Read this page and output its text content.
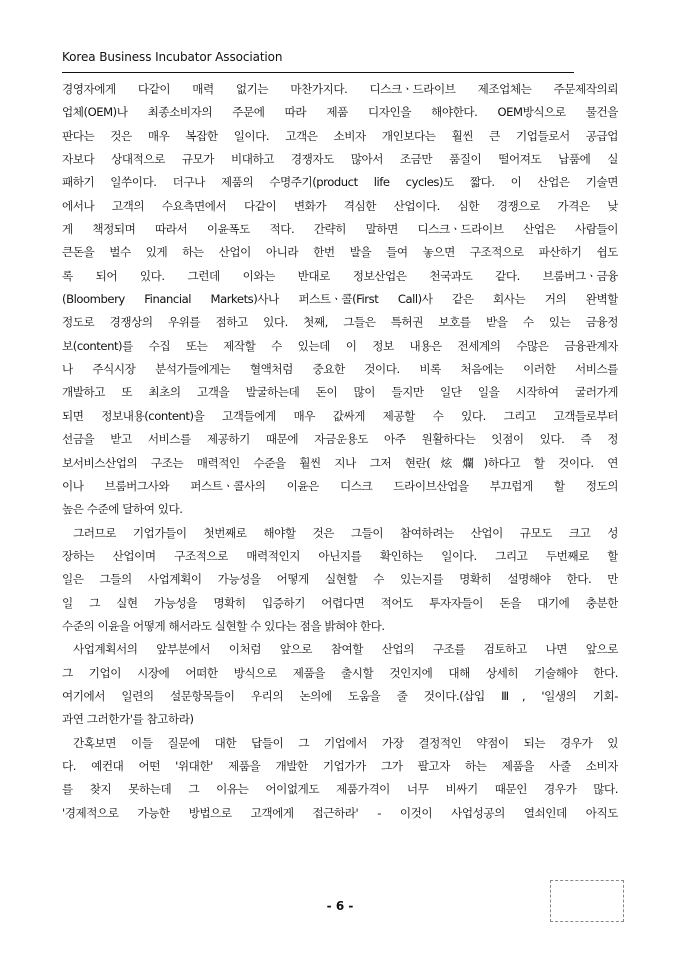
Korea Business Incubator Association
경영자에게 다같이 매력 없기는 마찬가지다. 디스크ㆍ드라이브 제조업체는 주문제작의뢰
업체(OEM)나 최종소비자의 주문에 따라 제품 디자인을 해야한다. OEM방식으로 물건을
판다는 것은 매우 복잡한 일이다. 고객은 소비자 개인보다는 훨씬 큰 기업들로서 공급업
자보다 상대적으로 규모가 비대하고 경쟁자도 많아서 조금만 품질이 떨어져도 납품에 실
패하기 일쑤이다. 더구나 제품의 수명주기(product life cycles)도 짧다. 이 산업은 기술면
에서나 고객의 수요측면에서 다같이 변화가 격심한 산업이다. 심한 경쟁으로 가격은 낮
게 책정되며 따라서 이윤폭도 적다. 간략히 말하면 디스크ㆍ드라이브 산업은 사람들이
큰돈을 벌수 있게 하는 산업이 아니라 한번 발을 들여 놓으면 구조적으로 파산하기 쉽도
록 되어 있다. 그런데 이와는 반대로 정보산업은 천국과도 같다. 브룸버그ㆍ금융
(Bloombery Financial Markets)사나 퍼스트ㆍ콜(First Call)사 같은 회사는 거의 완벽할
정도로 경쟁상의 우위를 점하고 있다. 첫째, 그들은 특허권 보호를 받을 수 있는 금융정
보(content)를 수집 또는 제작할 수 있는데 이 정보 내용은 전세계의 수많은 금융관계자
나 주식시장 분석가들에게는 혈액처럼 중요한 것이다. 비록 처음에는 이러한 서비스를
개발하고 또 최초의 고객을 발굴하는데 돈이 많이 들지만 일단 일을 시작하여 굴러가게
되면 정보내용(content)을 고객들에게 매우 값싸게 제공할 수 있다. 그리고 고객들로부터
선금을 받고 서비스를 제공하기 때문에 자금운용도 아주 원활하다는 잇점이 있다. 즉 정
보서비스산업의 구조는 매력적인 수준을 훨씬 지나 그저 현란(炫爛)하다고 할 것이다. 연
이나 브룸버그사와 퍼스트ㆍ콜사의 이윤은 디스크 드라이브산업을 부끄럽게 할 정도의
높은 수준에 달하여 있다.
그러므로 기업가들이 첫번째로 해야할 것은 그들이 참여하려는 산업이 규모도 크고 성
장하는 산업이며 구조적으로 매력적인지 아닌지를 확인하는 일이다. 그리고 두번째로 할
일은 그들의 사업계획이 가능성을 어떻게 실현할 수 있는지를 명확히 설명해야 한다. 만
일 그 실현 가능성을 명확히 입증하기 어렵다면 적어도 투자자들이 돈을 대기에 충분한
수준의 이윤을 어떻게 해서라도 실현할 수 있다는 점을 밝혀야 한다.
사업계획서의 앞부분에서 이처럼 앞으로 참여할 산업의 구조를 검토하고 나면 앞으로
그 기업이 시장에 어떠한 방식으로 제품을 출시할 것인지에 대해 상세히 기술해야 한다.
여기에서 일련의 설문항목들이 우리의 논의에 도움을 줄 것이다.(삽입 Ⅲ, '일생의 기회-
과연 그러한가'를 참고하라)
간혹보면 이들 질문에 대한 답들이 그 기업에서 가장 결정적인 약점이 되는 경우가 있
다. 예컨대 어떤 '위대한' 제품을 개발한 기업가가 그가 팔고자 하는 제품을 사줄 소비자
를 찾지 못하는데 그 이유는 어이없게도 제품가격이 너무 비싸기 때문인 경우가 많다.
'경제적으로 가능한 방법으로 고객에게 접근하라' - 이것이 사업성공의 열쇠인데 아직도
- 6 -
